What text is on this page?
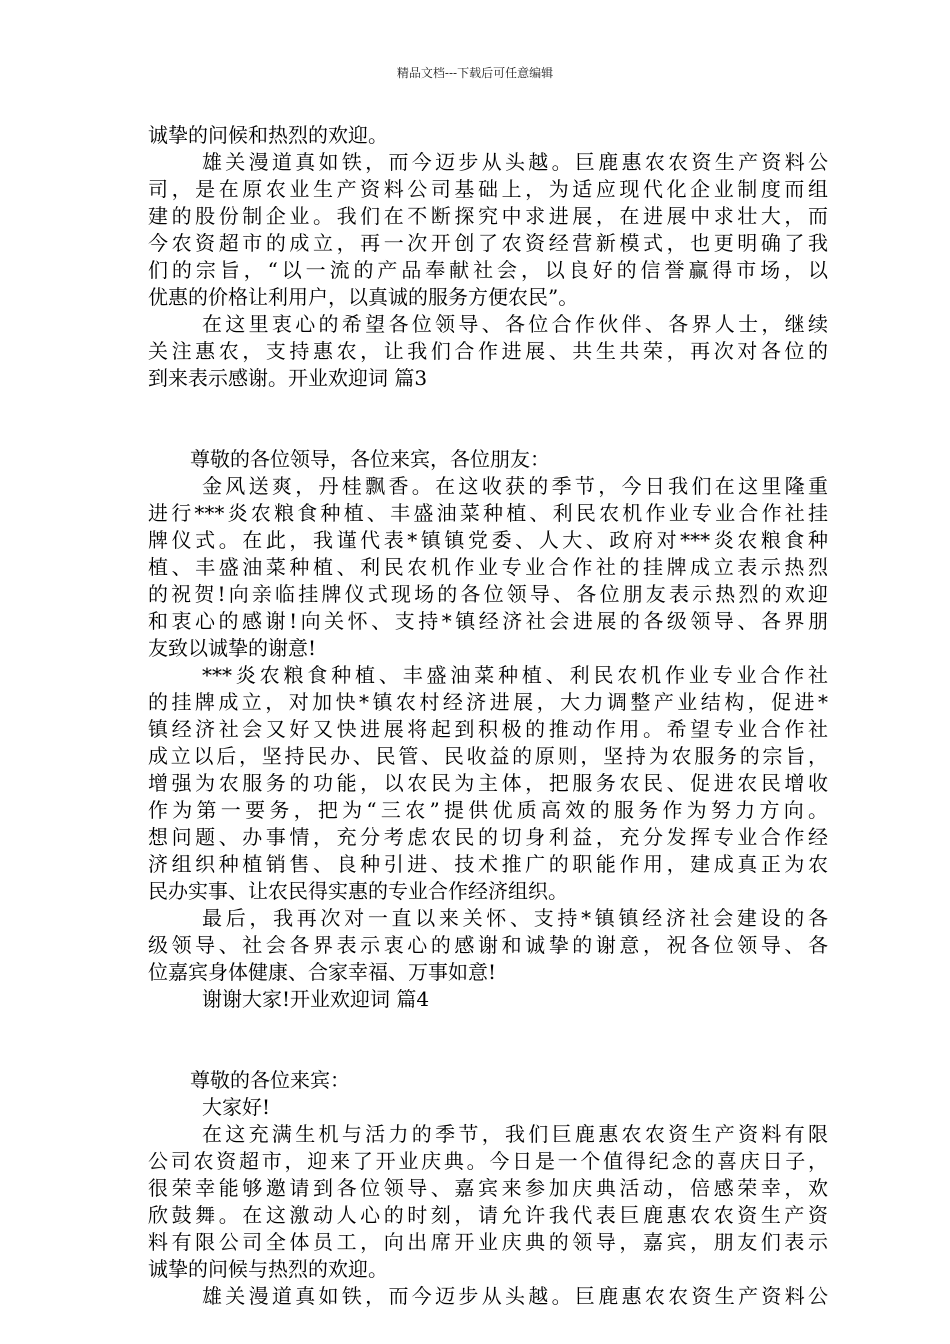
精品文档---下载后可任意编辑
诚挚的问候和热烈的欢迎。
雄关漫道真如铁，而今迈步从头越。巨鹿惠农农资生产资料公
司，是在原农业生产资料公司基础上，为适应现代化企业制度而组
建的股份制企业。我们在不断探究中求进展，在进展中求壮大，而
今农资超市的成立，再一次开创了农资经营新模式，也更明确了我
们的宗旨，“以一流的产品奉献社会，以良好的信誉赢得市场，以
优惠的价格让利用户，以真诚的服务方便农民”。
在这里衷心的希望各位领导、各位合作伙伴、各界人士，继续
关注惠农，支持惠农，让我们合作进展、共生共荣，再次对各位的
到来表示感谢。开业欢迎词 篇3
尊敬的各位领导，各位来宾，各位朋友：
金风送爽，丹桂飘香。在这收获的季节，今日我们在这里隆重
进行***炎农粮食种植、丰盛油菜种植、利民农机作业专业合作社挂
牌仪式。在此，我谨代表*镇镇党委、人大、政府对***炎农粮食种
植、丰盛油菜种植、利民农机作业专业合作社的挂牌成立表示热烈
的祝贺!向亲临挂牌仪式现场的各位领导、各位朋友表示热烈的欢迎
和衷心的感谢!向关怀、支持*镇经济社会进展的各级领导、各界朋
友致以诚挚的谢意!
***炎农粮食种植、丰盛油菜种植、利民农机作业专业合作社
的挂牌成立，对加快*镇农村经济进展，大力调整产业结构，促进*
镇经济社会又好又快进展将起到积极的推动作用。希望专业合作社
成立以后，坚持民办、民管、民收益的原则，坚持为农服务的宗旨，
增强为农服务的功能，以农民为主体，把服务农民、促进农民增收
作为第一要务，把为“三农”提供优质高效的服务作为努力方向。
想问题、办事情，充分考虑农民的切身利益，充分发挥专业合作经
济组织种植销售、良种引进、技术推广的职能作用，建成真正为农
民办实事、让农民得实惠的专业合作经济组织。
最后，我再次对一直以来关怀、支持*镇镇经济社会建设的各
级领导、社会各界表示衷心的感谢和诚挚的谢意，祝各位领导、各
位嘉宾身体健康、合家幸福、万事如意!
谢谢大家!开业欢迎词 篇4
尊敬的各位来宾：
大家好!
在这充满生机与活力的季节，我们巨鹿惠农农资生产资料有限
公司农资超市，迎来了开业庆典。今日是一个值得纪念的喜庆日子，
很荣幸能够邀请到各位领导、嘉宾来参加庆典活动，倍感荣幸，欢
欣鼓舞。在这激动人心的时刻，请允许我代表巨鹿惠农农资生产资
料有限公司全体员工，向出席开业庆典的领导，嘉宾，朋友们表示
诚挚的问候与热烈的欢迎。
雄关漫道真如铁，而今迈步从头越。巨鹿惠农农资生产资料公
